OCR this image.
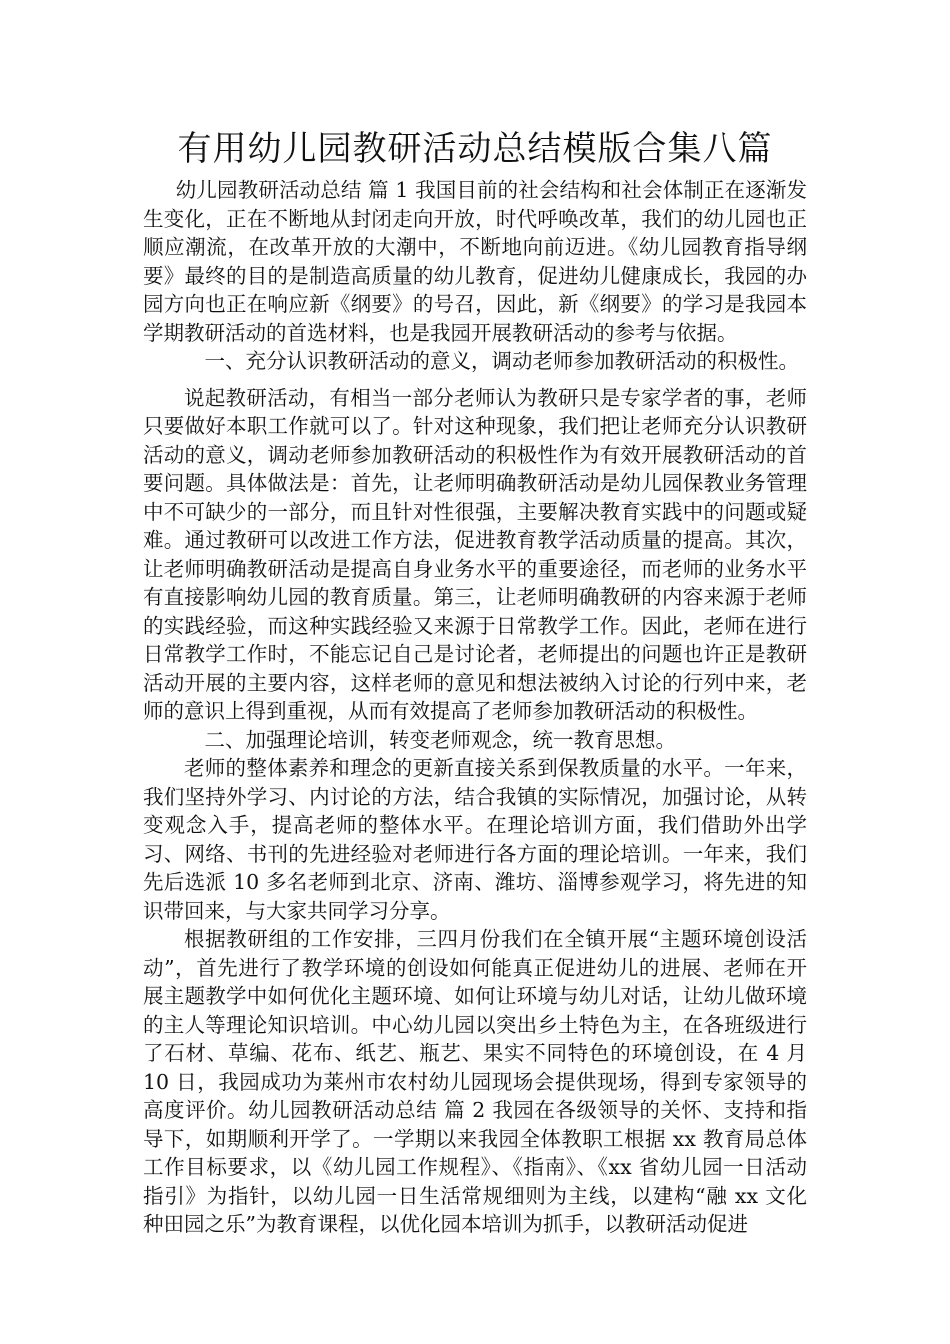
有用幼儿园教研活动总结模版合集八篇

幼儿园教研活动总结 篇 1 我国目前的社会结构和社会体制正在逐渐发生变化，正在不断地从封闭走向开放，时代呼唤改革，我们的幼儿园也正顺应潮流，在改革开放的大潮中，不断地向前迈进。《幼儿园教育指导纲要》最终的目的是制造高质量的幼儿教育，促进幼儿健康成长，我园的办园方向也正在响应新《纲要》的号召，因此，新《纲要》的学习是我园本学期教研活动的首选材料，也是我园开展教研活动的参考与依据。

一、充分认识教研活动的意义，调动老师参加教研活动的积极性。

说起教研活动，有相当一部分老师认为教研只是专家学者的事，老师只要做好本职工作就可以了。针对这种现象，我们把让老师充分认识教研活动的意义，调动老师参加教研活动的积极性作为有效开展教研活动的首要问题。具体做法是：首先，让老师明确教研活动是幼儿园保教业务管理中不可缺少的一部分，而且针对性很强，主要解决教育实践中的问题或疑难。通过教研可以改进工作方法，促进教育教学活动质量的提高。其次，让老师明确教研活动是提高自身业务水平的重要途径，而老师的业务水平有直接影响幼儿园的教育质量。第三，让老师明确教研的内容来源于老师的实践经验，而这种实践经验又来源于日常教学工作。因此，老师在进行日常教学工作时，不能忘记自己是讨论者，老师提出的问题也许正是教研活动开展的主要内容，这样老师的意见和想法被纳入讨论的行列中来，老师的意识上得到重视，从而有效提高了老师参加教研活动的积极性。

二、加强理论培训，转变老师观念，统一教育思想。

老师的整体素养和理念的更新直接关系到保教质量的水平。一年来，我们坚持外学习、内讨论的方法，结合我镇的实际情况，加强讨论，从转变观念入手，提高老师的整体水平。在理论培训方面，我们借助外出学习、网络、书刊的先进经验对老师进行各方面的理论培训。一年来，我们先后选派 10 多名老师到北京、济南、潍坊、淄博参观学习，将先进的知识带回来，与大家共同学习分享。

根据教研组的工作安排，三四月份我们在全镇开展“主题环境创设活动”，首先进行了教学环境的创设如何能真正促进幼儿的进展、老师在开展主题教学中如何优化主题环境、如何让环境与幼儿对话，让幼儿做环境的主人等理论知识培训。中心幼儿园以突出乡土特色为主，在各班级进行了石材、草编、花布、纸艺、瓶艺、果实不同特色的环境创设，在 4 月 10 日，我园成功为莱州市农村幼儿园现场会提供现场，得到专家领导的高度评价。幼儿园教研活动总结 篇 2 我园在各级领导的关怀、支持和指导下，如期顺利开学了。一学期以来我园全体教职工根据 xx 教育局总体工作目标要求，以《幼儿园工作规程》、《指南》、《xx 省幼儿园一日活动指引》为指针，以幼儿园一日生活常规细则为主线，以建构“融 xx 文化 种田园之乐”为教育课程，以优化园本培训为抓手，以教研活动促进
